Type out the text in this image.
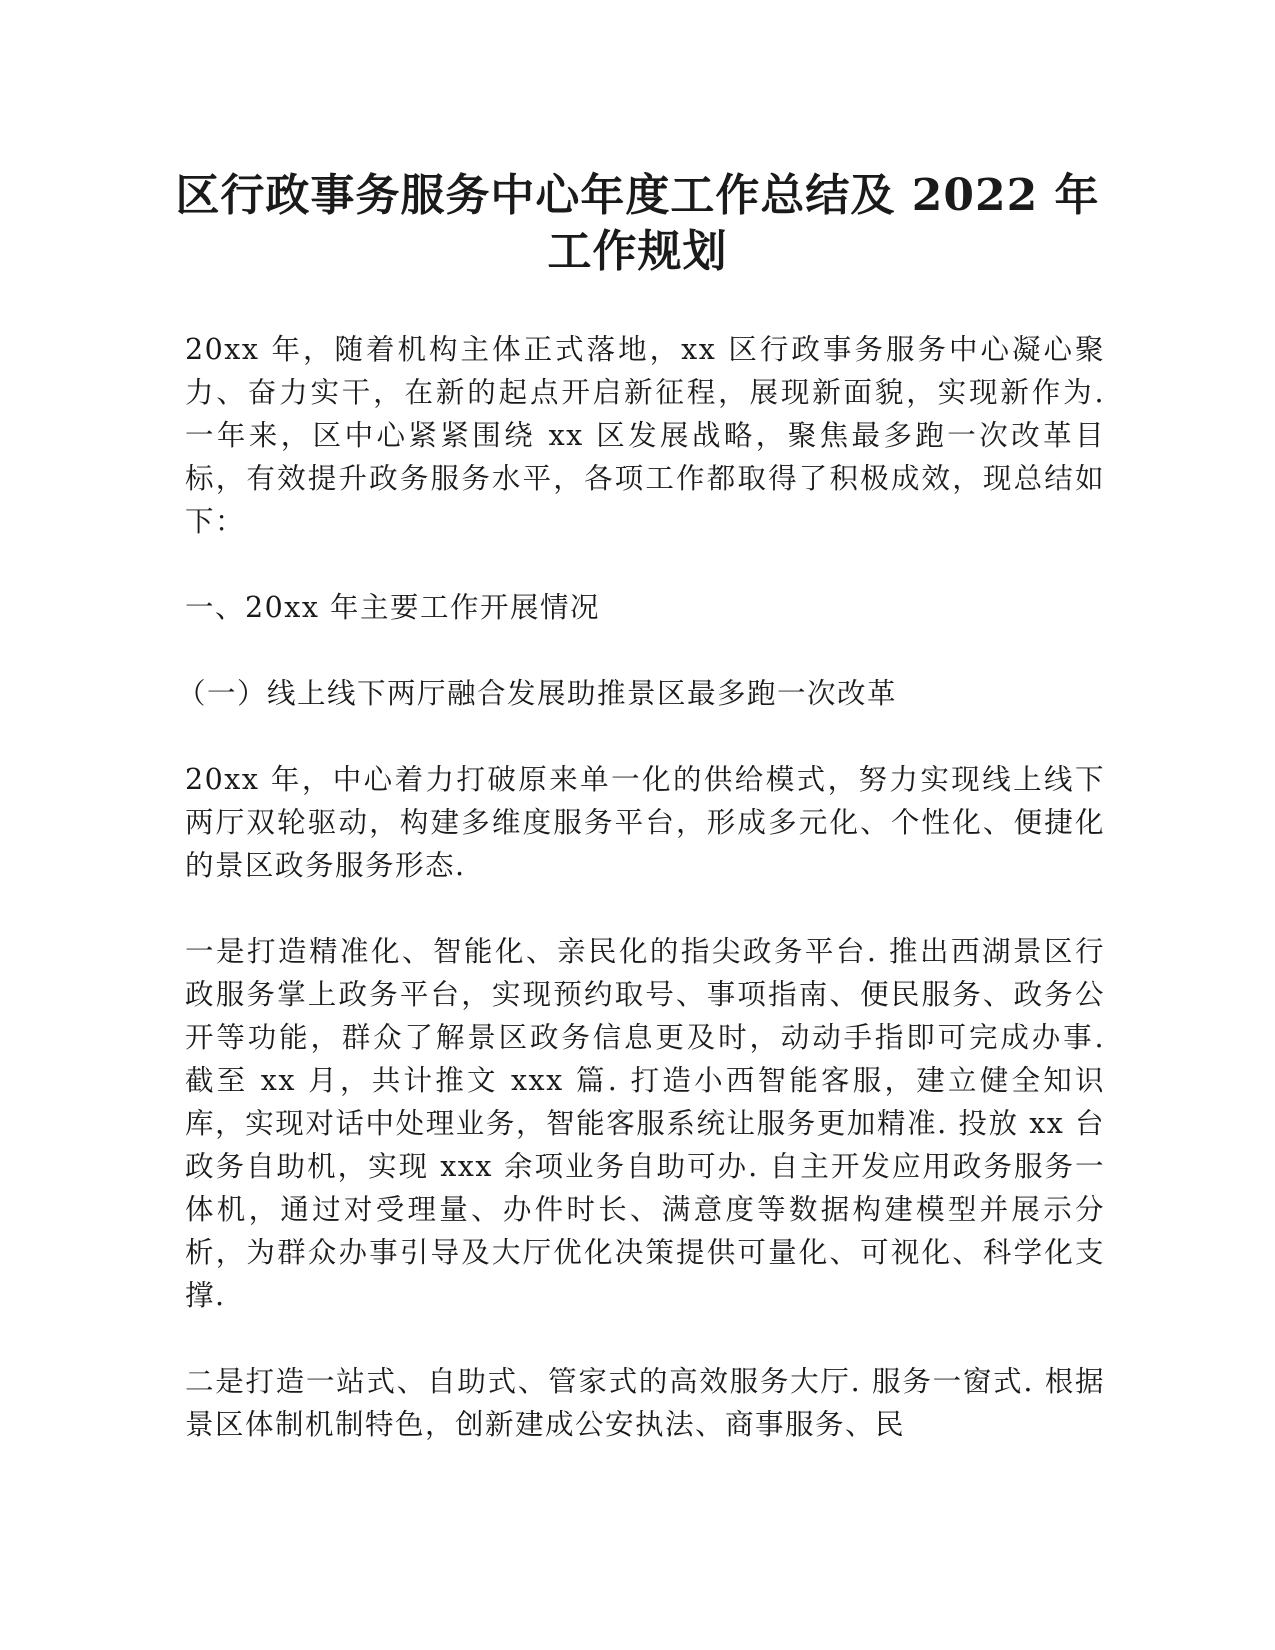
区行政事务服务中心年度工作总结及 2022 年
工作规划

20xx 年，随着机构主体正式落地，xx 区行政事务服务中心凝心聚力、奋力实干，在新的起点开启新征程，展现新面貌，实现新作为. 一年来，区中心紧紧围绕 xx 区发展战略，聚焦最多跑一次改革目标，有效提升政务服务水平，各项工作都取得了积极成效，现总结如下：

一、20xx 年主要工作开展情况

（一）线上线下两厅融合发展助推景区最多跑一次改革

20xx 年，中心着力打破原来单一化的供给模式，努力实现线上线下两厅双轮驱动，构建多维度服务平台，形成多元化、个性化、便捷化的景区政务服务形态.

一是打造精准化、智能化、亲民化的指尖政务平台. 推出西湖景区行政服务掌上政务平台，实现预约取号、事项指南、便民服务、政务公开等功能，群众了解景区政务信息更及时，动动手指即可完成办事. 截至 xx 月，共计推文 xxx 篇. 打造小西智能客服，建立健全知识库，实现对话中处理业务，智能客服系统让服务更加精准. 投放 xx 台政务自助机，实现 xxx 余项业务自助可办. 自主开发应用政务服务一体机，通过对受理量、办件时长、满意度等数据构建模型并展示分析，为群众办事引导及大厅优化决策提供可量化、可视化、科学化支撑.

二是打造一站式、自助式、管家式的高效服务大厅. 服务一窗式. 根据景区体制机制特色，创新建成公安执法、商事服务、民
